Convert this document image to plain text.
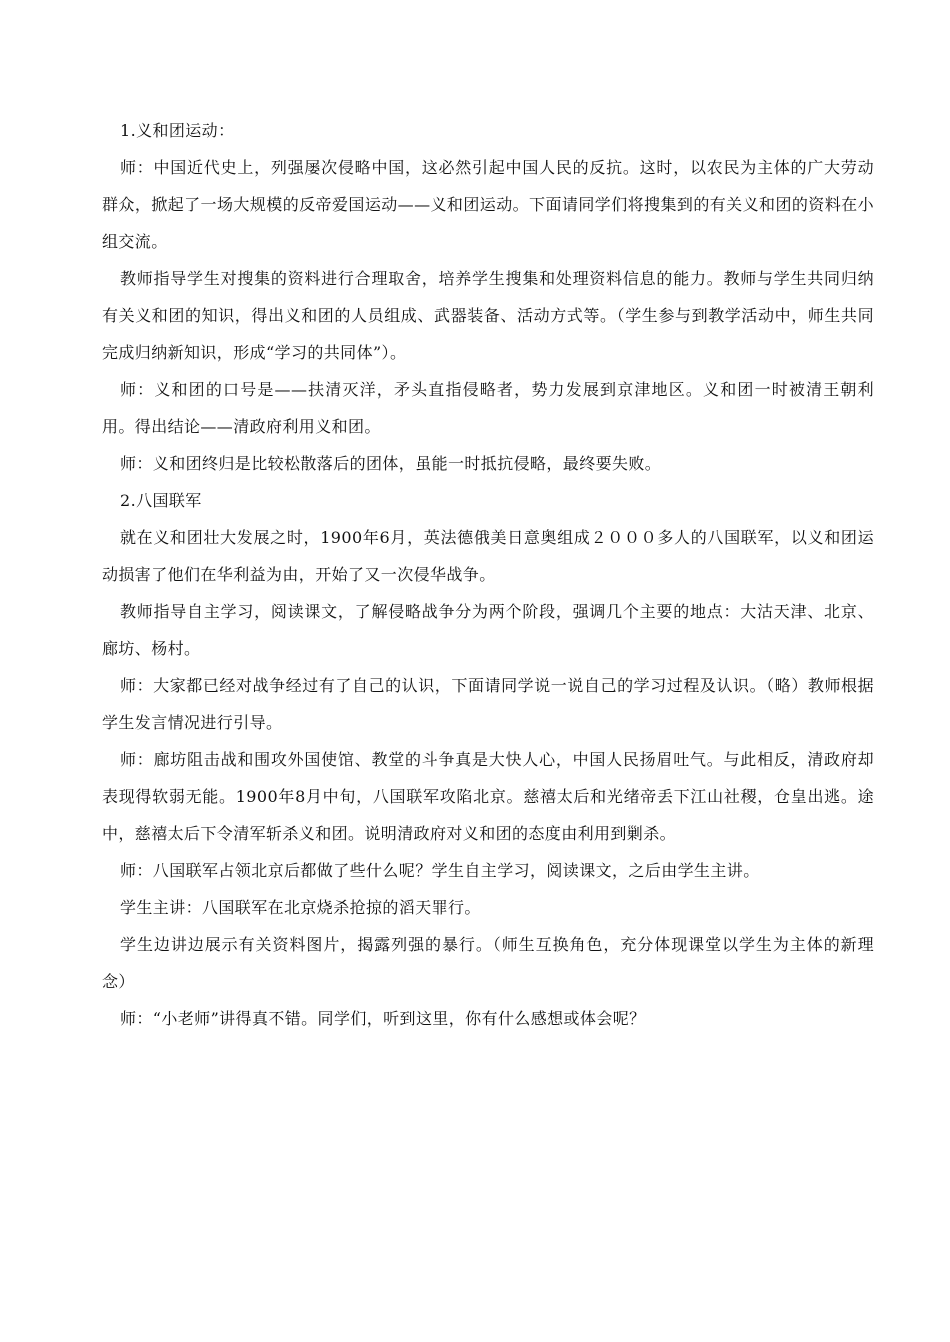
1.义和团运动：

师：中国近代史上，列强屡次侵略中国，这必然引起中国人民的反抗。这时，以农民为主体的广大劳动群众，掀起了一场大规模的反帝爱国运动——义和团运动。下面请同学们将搜集到的有关义和团的资料在小组交流。

教师指导学生对搜集的资料进行合理取舍，培养学生搜集和处理资料信息的能力。教师与学生共同归纳有关义和团的知识，得出义和团的人员组成、武器装备、活动方式等。（学生参与到教学活动中，师生共同完成归纳新知识，形成“学习的共同体”）。

师：义和团的口号是——扶清灭洋，矛头直指侵略者，势力发展到京津地区。义和团一时被清王朝利用。得出结论——清政府利用义和团。

师：义和团终归是比较松散落后的团体，虽能一时抵抗侵略，最终要失败。

2.八国联军

就在义和团壮大发展之时，1900年6月，英法德俄美日意奥组成２０００多人的八国联军，以义和团运动损害了他们在华利益为由，开始了又一次侵华战争。

教师指导自主学习，阅读课文，了解侵略战争分为两个阶段，强调几个主要的地点：大沽天津、北京、廊坊、杨村。

师：大家都已经对战争经过有了自己的认识，下面请同学说一说自己的学习过程及认识。（略）教师根据学生发言情况进行引导。

师：廊坊阻击战和围攻外国使馆、教堂的斗争真是大快人心，中国人民扬眉吐气。与此相反，清政府却表现得软弱无能。1900年8月中旬，八国联军攻陷北京。慈禧太后和光绪帝丢下江山社稷，仓皇出逃。途中，慈禧太后下令清军斩杀义和团。说明清政府对义和团的态度由利用到剿杀。

师：八国联军占领北京后都做了些什么呢？学生自主学习，阅读课文，之后由学生主讲。

学生主讲：八国联军在北京烧杀抢掠的滔天罪行。

学生边讲边展示有关资料图片，揭露列强的暴行。（师生互换角色，充分体现课堂以学生为主体的新理念）

师：“小老师”讲得真不错。同学们，听到这里，你有什么感想或体会呢？
